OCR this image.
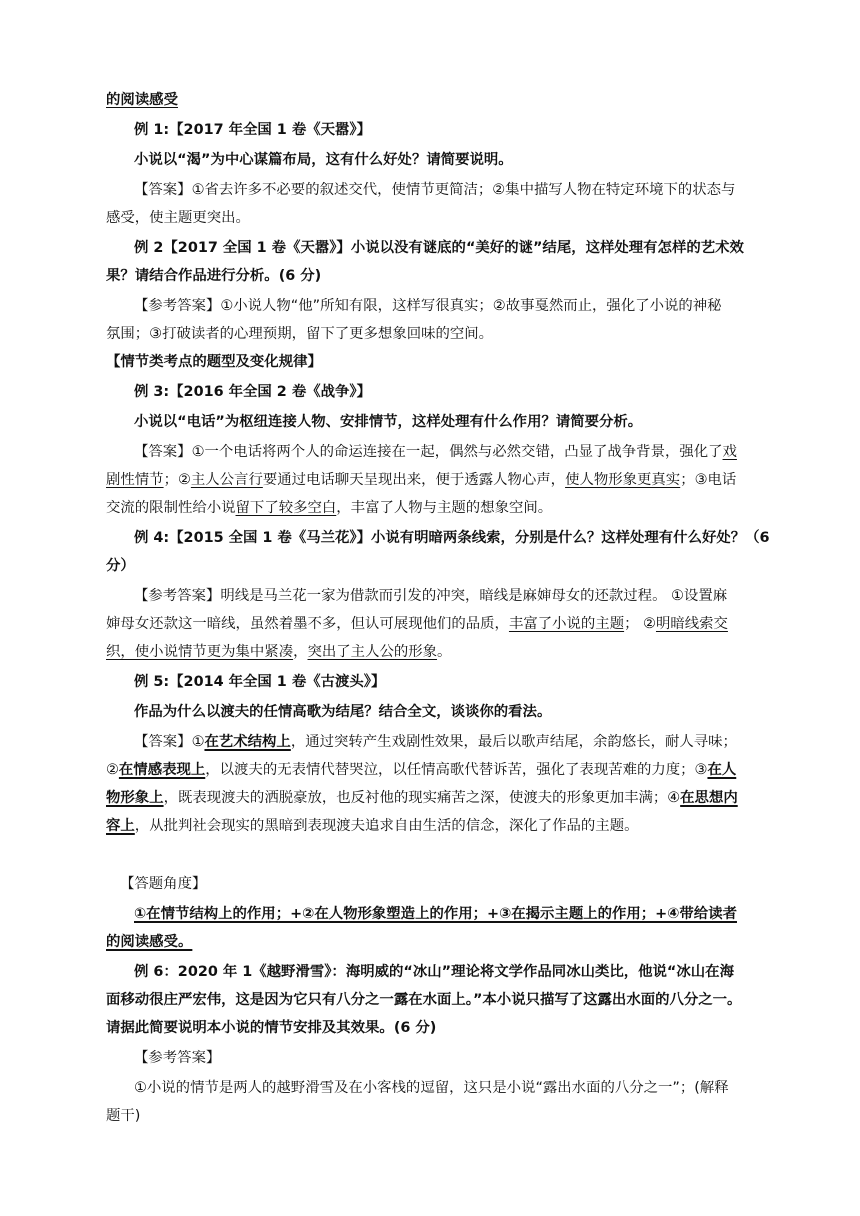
的阅读感受
例 1:【2017 年全国 1 卷《天嚣》】
小说以“渴”为中心谋篇布局，这有什么好处？请简要说明。
【答案】①省去许多不必要的叙述交代，使情节更简洁；②集中描写人物在特定环境下的状态与
感受，使主题更突出。
例 2【2017 全国 1 卷《天嚣》】小说以没有谜底的“美好的谜”结尾，这样处理有怎样的艺术效
果？请结合作品进行分析。(6 分)
【参考答案】①小说人物“他”所知有限，这样写很真实；②故事戛然而止，强化了小说的神秘
氛围；③打破读者的心理预期，留下了更多想象回味的空间。
【情节类考点的题型及变化规律】
例 3:【2016 年全国 2 卷《战争》】
小说以“电话”为枢纽连接人物、安排情节，这样处理有什么作用？请简要分析。
【答案】①一个电话将两个人的命运连接在一起，偶然与必然交错，凸显了战争背景，强化了戏
剧性情节；②主人公言行要通过电话聊天呈现出来，便于透露人物心声，使人物形象更真实；③电话
交流的限制性给小说留下了较多空白，丰富了人物与主题的想象空间。
例 4:【2015 全国 1 卷《马兰花》】小说有明暗两条线索，分别是什么？这样处理有什么好处？（6
分）
【参考答案】明线是马兰花一家为借款而引发的冲突，暗线是麻婶母女的还款过程。 ①设置麻
婶母女还款这一暗线，虽然着墨不多，但认可展现他们的品质，丰富了小说的主题； ②明暗线索交
织，使小说情节更为集中紧凑，突出了主人公的形象。
例 5:【2014 年全国 1 卷《古渡头》】
作品为什么以渡夫的任情高歌为结尾？结合全文，谈谈你的看法。
【答案】①在艺术结构上，通过突转产生戏剧性效果，最后以歌声结尾，余韵悠长，耐人寻味；
②在情感表现上，以渡夫的无表情代替哭泣，以任情高歌代替诉苦，强化了表现苦难的力度；③在人
物形象上，既表现渡夫的洒脱豪放，也反衬他的现实痛苦之深，使渡夫的形象更加丰满；④在思想内
容上，从批判社会现实的黑暗到表现渡夫追求自由生活的信念，深化了作品的主题。
【答题角度】
①在情节结构上的作用；+②在人物形象塑造上的作用；+③在揭示主题上的作用；+④带给读者
的阅读感受。
例 6：2020 年 1《越野滑雪》：海明威的“冰山”理论将文学作品同冰山类比，他说“冰山在海
面移动很庄严宏伟，这是因为它只有八分之一露在水面上。”本小说只描写了这露出水面的八分之一。
请据此简要说明本小说的情节安排及其效果。(6 分)
【参考答案】
①小说的情节是两人的越野滑雪及在小客栈的逗留，这只是小说“露出水面的八分之一”；(解释
题干)
